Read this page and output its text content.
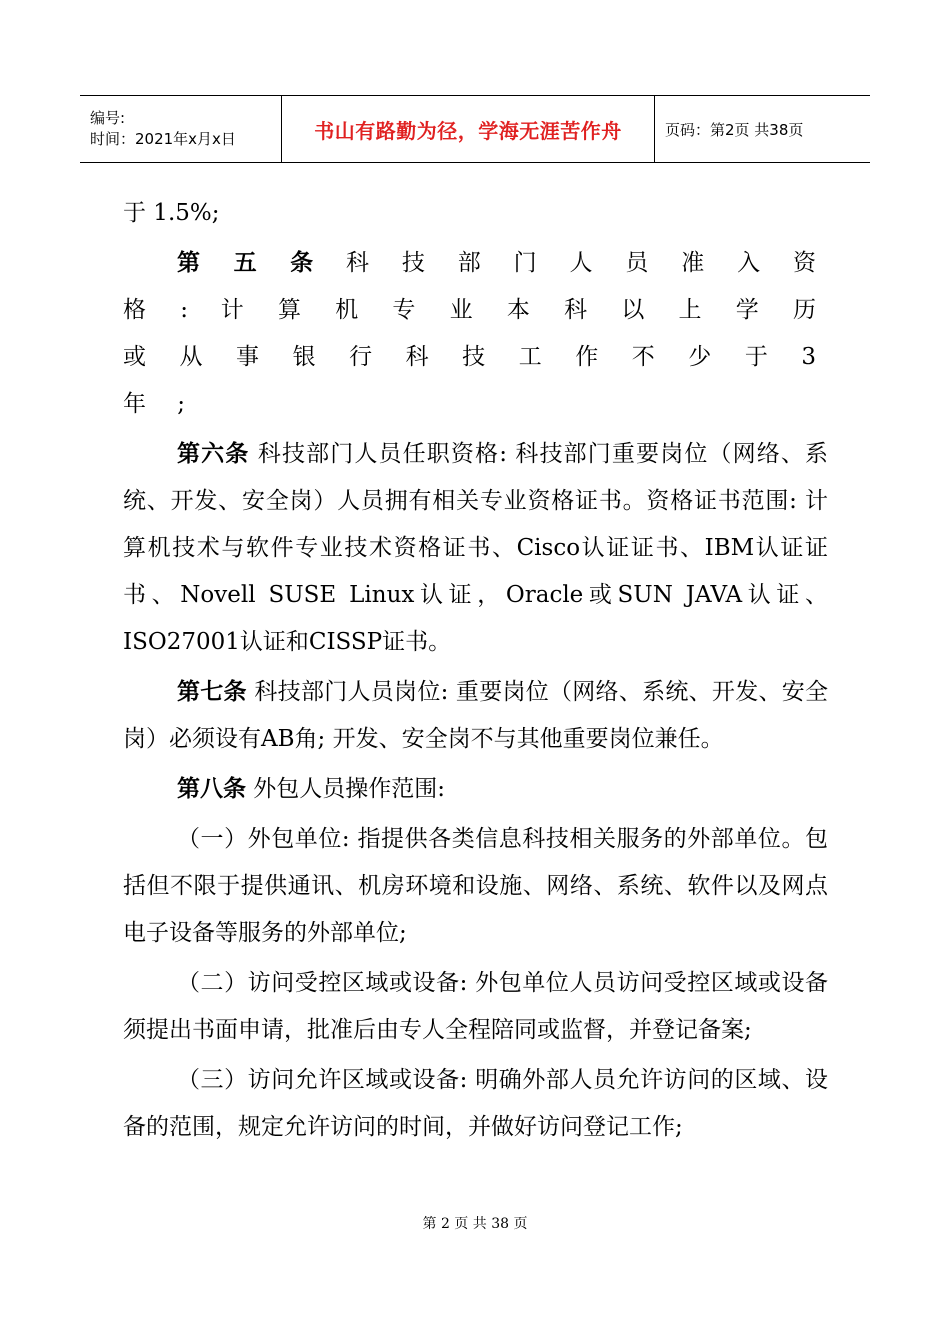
编号:
时间：2021年x月x日	书山有路勤为径，学海无涯苦作舟	页码：第2页 共38页

于 1.5%;

第 五 条 科 技 部 门 人 员 准 入 资 格 : 计 算 机 专 业 本 科 以 上 学 历 或 从 事 银 行 科 技 工 作 不 少 于 3年 ;

第六条 科技部门人员任职资格: 科技部门重要岗位（网络、系统、开发、安全岗）人员拥有相关专业资格证书。资格证书范围: 计算机技术与软件专业技术资格证书、Cisco认证证书、IBM认证证书、Novell SUSE Linux认证，Oracle或SUN JAVA认证、ISO27001认证和CISSP证书。

第七条 科技部门人员岗位: 重要岗位（网络、系统、开发、安全岗）必须设有AB角; 开发、安全岗不与其他重要岗位兼任。

第八条 外包人员操作范围:

（一）外包单位: 指提供各类信息科技相关服务的外部单位。包括但不限于提供通讯、机房环境和设施、网络、系统、软件以及网点电子设备等服务的外部单位;

（二）访问受控区域或设备: 外包单位人员访问受控区域或设备须提出书面申请，批准后由专人全程陪同或监督，并登记备案;

（三）访问允许区域或设备: 明确外部人员允许访问的区域、设备的范围，规定允许访问的时间，并做好访问登记工作;

第 2 页 共 38 页
